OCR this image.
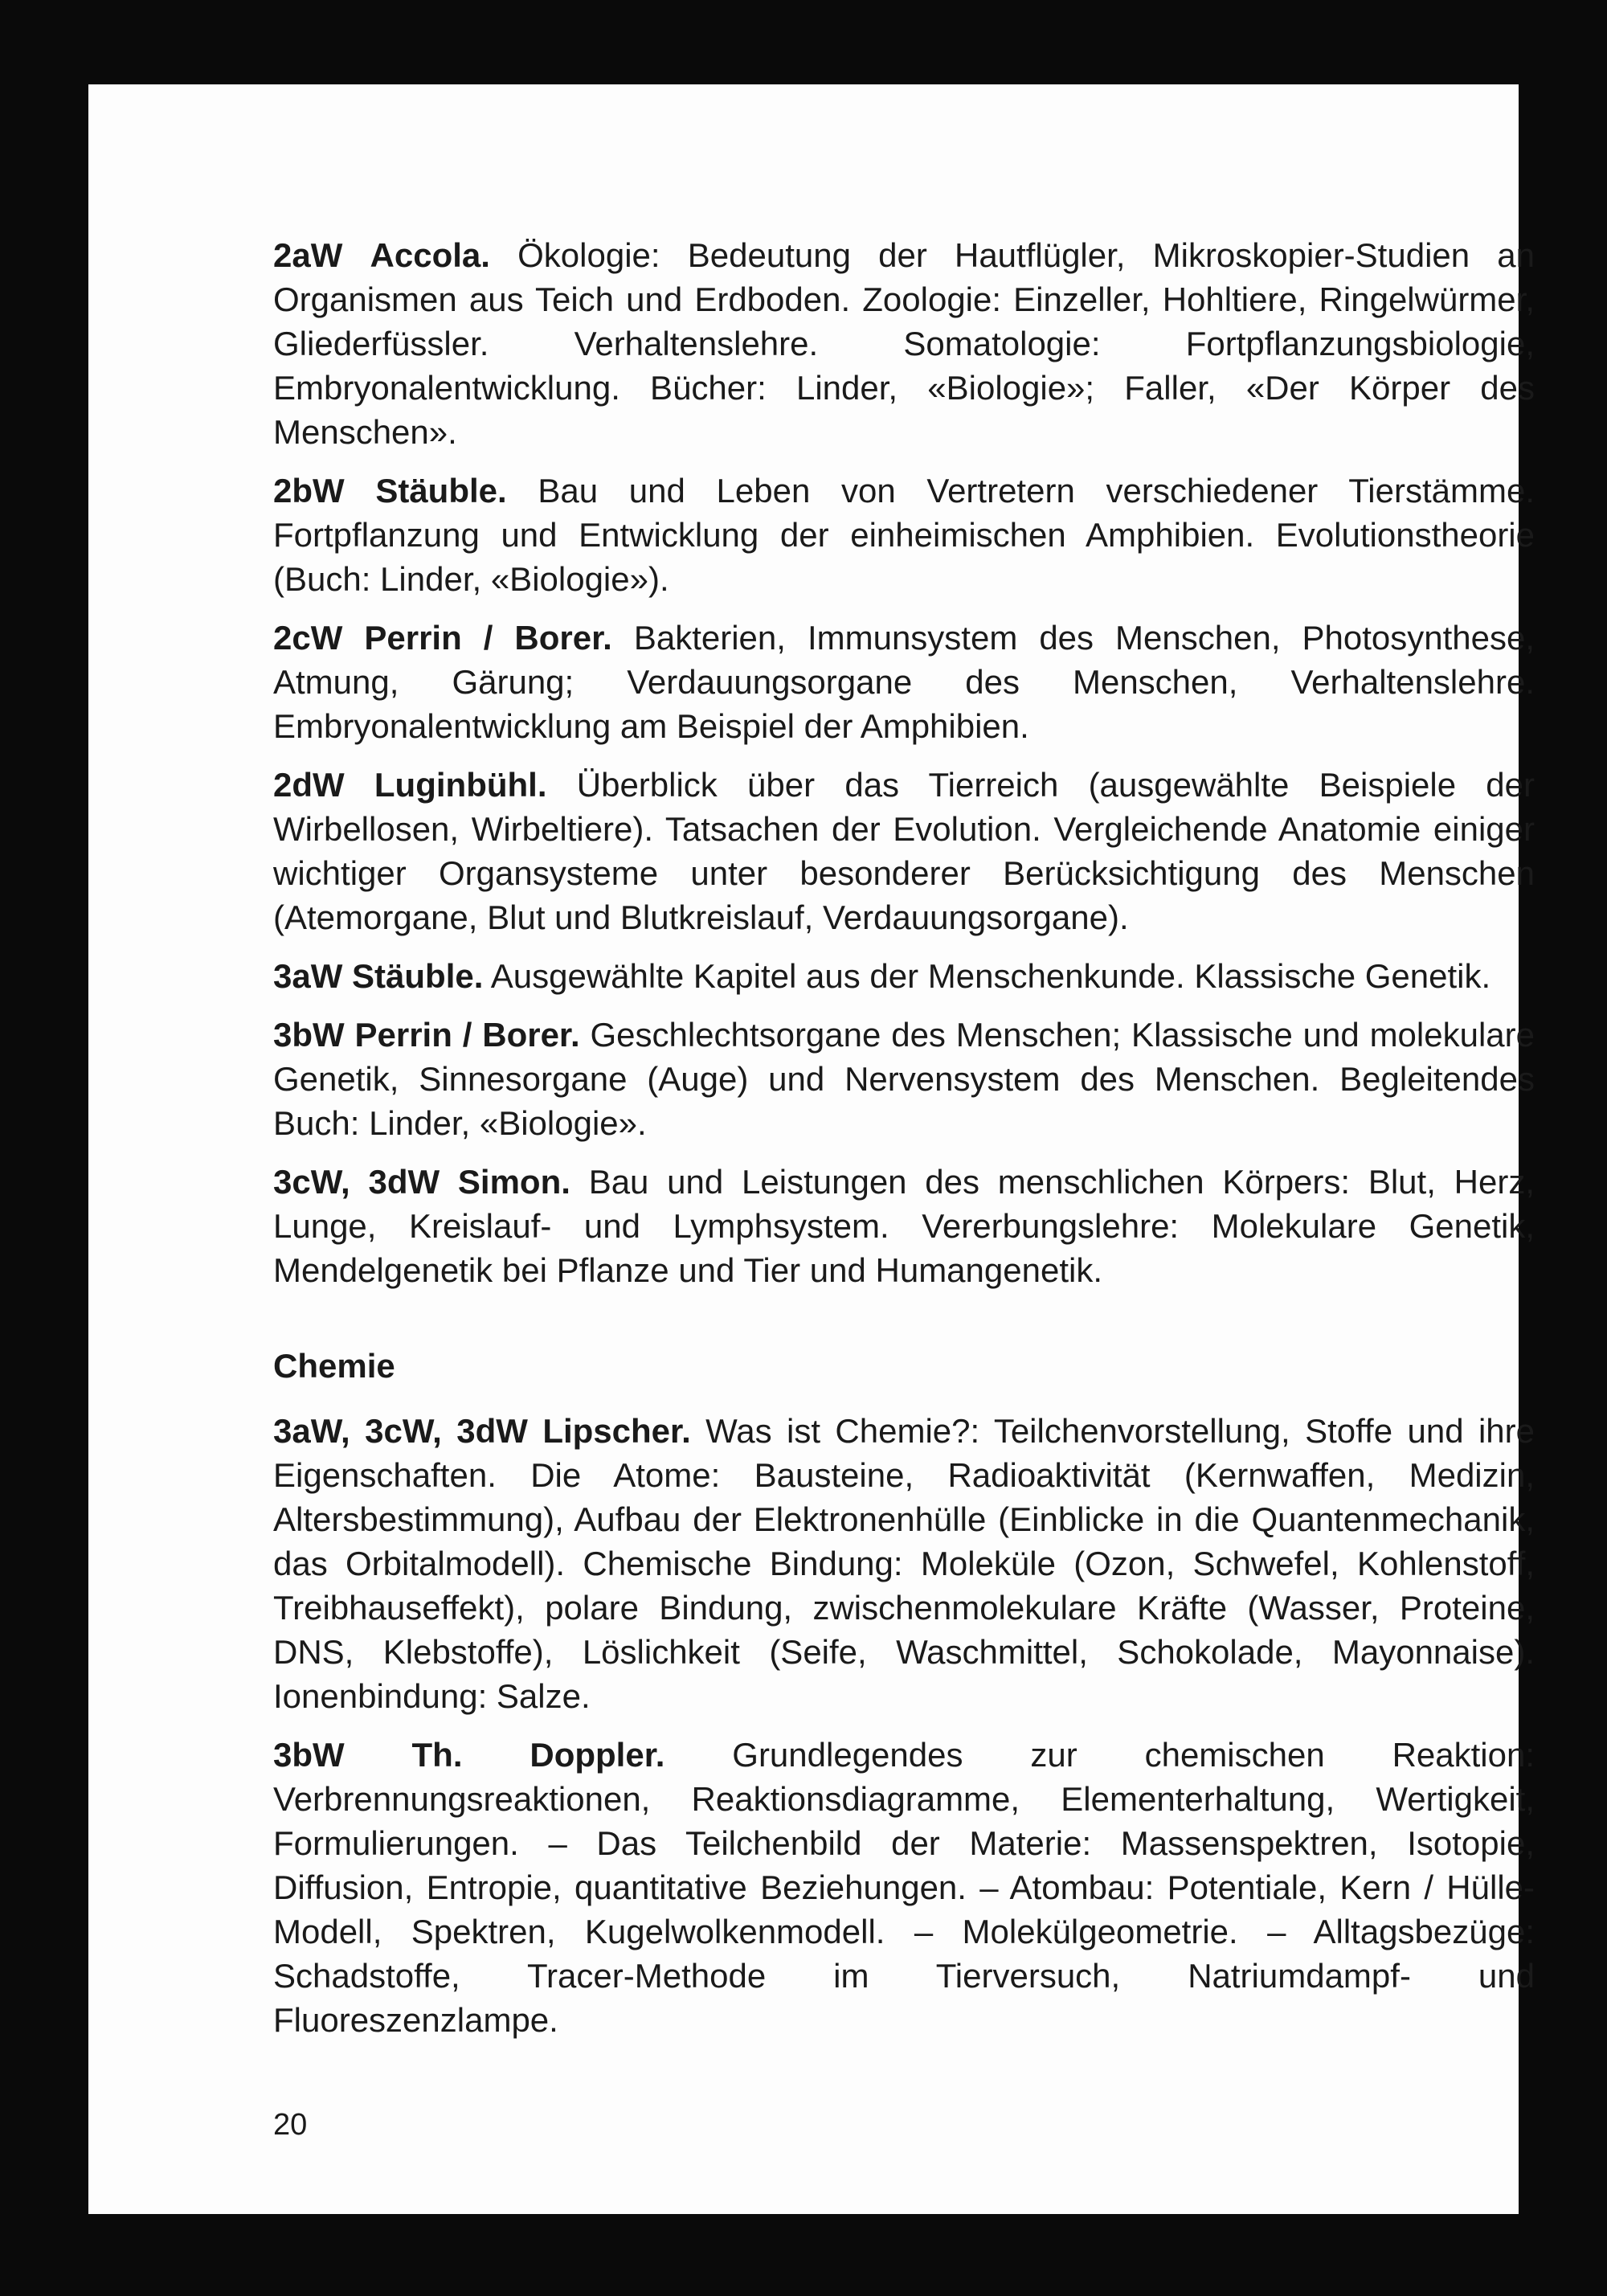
2aW Accola. Ökologie: Bedeutung der Hautflügler, Mikroskopier-Studien an Organismen aus Teich und Erdboden. Zoologie: Einzeller, Hohltiere, Ringelwürmer, Gliederfüssler. Verhaltenslehre. Somatologie: Fortpflanzungsbiologie, Embryonalentwicklung. Bücher: Linder, «Biologie»; Faller, «Der Körper des Menschen».

2bW Stäuble. Bau und Leben von Vertretern verschiedener Tierstämme. Fortpflanzung und Entwicklung der einheimischen Amphibien. Evolutionstheorie (Buch: Linder, «Biologie»).

2cW Perrin / Borer. Bakterien, Immunsystem des Menschen, Photosynthese, Atmung, Gärung; Verdauungsorgane des Menschen, Verhaltenslehre. Embryonalentwicklung am Beispiel der Amphibien.

2dW Luginbühl. Überblick über das Tierreich (ausgewählte Beispiele der Wirbellosen, Wirbeltiere). Tatsachen der Evolution. Vergleichende Anatomie einiger wichtiger Organsysteme unter besonderer Berücksichtigung des Menschen (Atemorgane, Blut und Blutkreislauf, Verdauungsorgane).

3aW Stäuble. Ausgewählte Kapitel aus der Menschenkunde. Klassische Genetik.

3bW Perrin / Borer. Geschlechtsorgane des Menschen; Klassische und molekulare Genetik, Sinnesorgane (Auge) und Nervensystem des Menschen. Begleitendes Buch: Linder, «Biologie».

3cW, 3dW Simon. Bau und Leistungen des menschlichen Körpers: Blut, Herz, Lunge, Kreislauf- und Lymphsystem. Vererbungslehre: Molekulare Genetik, Mendelgenetik bei Pflanze und Tier und Humangenetik.

Chemie

3aW, 3cW, 3dW Lipscher. Was ist Chemie?: Teilchenvorstellung, Stoffe und ihre Eigenschaften. Die Atome: Bausteine, Radioaktivität (Kernwaffen, Medizin, Altersbestimmung), Aufbau der Elektronenhülle (Einblicke in die Quantenmechanik, das Orbitalmodell). Chemische Bindung: Moleküle (Ozon, Schwefel, Kohlenstoff, Treibhauseffekt), polare Bindung, zwischenmolekulare Kräfte (Wasser, Proteine, DNS, Klebstoffe), Löslichkeit (Seife, Waschmittel, Schokolade, Mayonnaise). Ionenbindung: Salze.

3bW Th. Doppler. Grundlegendes zur chemischen Reaktion: Verbrennungsreaktionen, Reaktionsdiagramme, Elementerhaltung, Wertigkeit, Formulierungen. – Das Teilchenbild der Materie: Massenspektren, Isotopie, Diffusion, Entropie, quantitative Beziehungen. – Atombau: Potentiale, Kern / Hülle-Modell, Spektren, Kugelwolkenmodell. – Molekülgeometrie. – Alltagsbezüge: Schadstoffe, Tracer-Methode im Tierversuch, Natriumdampf- und Fluoreszenzlampe.

20
